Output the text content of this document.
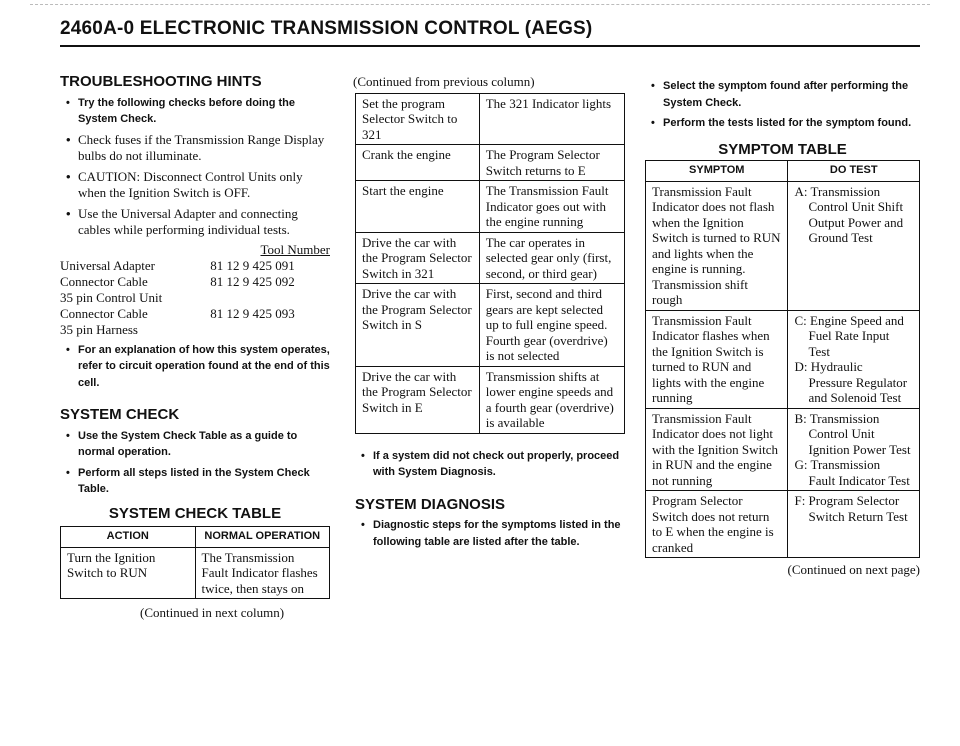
2460A-0 ELECTRONIC TRANSMISSION CONTROL (AEGS)
TROUBLESHOOTING HINTS
• Try the following checks before doing the System Check.
• Check fuses if the Transmission Range Display bulbs do not illuminate.
• CAUTION: Disconnect Control Units only when the Ignition Switch is OFF.
• Use the Universal Adapter and connecting cables while performing individual tests.
	Tool Number
Universal Adapter	81 12 9 425 091
Connector Cable	81 12 9 425 092
35 pin Control Unit	
Connector Cable	81 12 9 425 093
35 pin Harness	
• For an explanation of how this system operates, refer to circuit operation found at the end of this cell.
SYSTEM CHECK
• Use the System Check Table as a guide to normal operation.
• Perform all steps listed in the System Check Table.
SYSTEM CHECK TABLE
ACTION	NORMAL OPERATION
Turn the Ignition Switch to RUN	The Transmission Fault Indicator flashes twice, then stays on
(Continued in next column)
(Continued from previous column)
Set the program Selector Switch to 321	The 321 Indicator lights
Crank the engine	The Program Selector Switch returns to E
Start the engine	The Transmission Fault Indicator goes out with the engine running
Drive the car with the Program Selector Switch in 321	The car operates in selected gear only (first, second, or third gear)
Drive the car with the Program Selector Switch in S	First, second and third gears are kept selected up to full engine speed. Fourth gear (overdrive) is not selected
Drive the car with the Program Selector Switch in E	Transmission shifts at lower engine speeds and a fourth gear (overdrive) is available
• If a system did not check out properly, proceed with System Diagnosis.
SYSTEM DIAGNOSIS
• Diagnostic steps for the symptoms listed in the following table are listed after the table.
• Select the symptom found after performing the System Check.
• Perform the tests listed for the symptom found.
SYMPTOM TABLE
SYMPTOM	DO TEST
Transmission Fault Indicator does not flash when the Ignition Switch is turned to RUN and lights when the engine is running. Transmission shift rough	A: Transmission
Control Unit Shift Output Power and Ground Test

Transmission Fault Indicator flashes when the Ignition Switch is turned to RUN and lights with the engine running	C: Engine Speed and
Fuel Rate Input Test
D: Hydraulic
Pressure Regulator and Solenoid Test

Transmission Fault Indicator does not light with the Ignition Switch in RUN and the engine not running	B: Transmission
Control Unit Ignition Power Test
G: Transmission
Fault Indicator Test

Program Selector Switch does not return to E when the engine is cranked	F: Program Selector
Switch Return Test
(Continued on next page)
